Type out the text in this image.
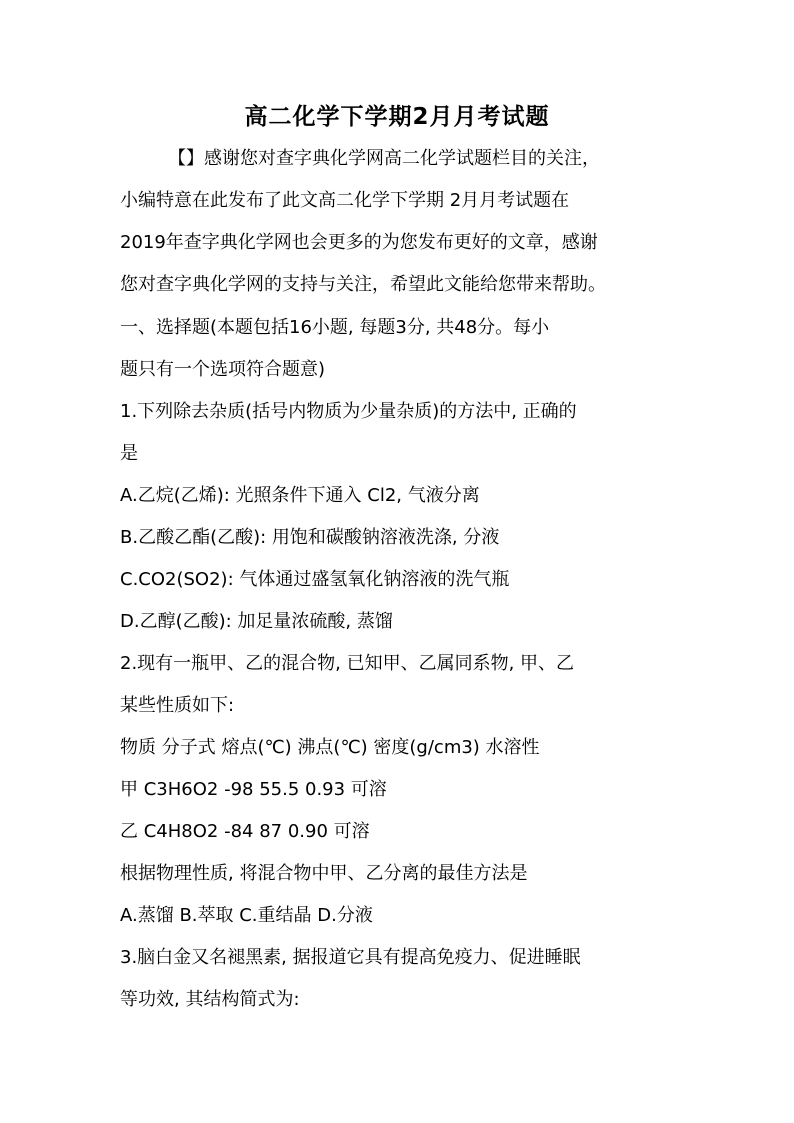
高二化学下学期2月月考试题
【】感谢您对查字典化学网高二化学试题栏目的关注，
小编特意在此发布了此文高二化学下学期 2月月考试题在
2019年查字典化学网也会更多的为您发布更好的文章，感谢
您对查字典化学网的支持与关注，希望此文能给您带来帮助。
一、选择题(本题包括16小题, 每题3分, 共48分。每小
题只有一个选项符合题意)
1.下列除去杂质(括号内物质为少量杂质)的方法中, 正确的
是
A.乙烷(乙烯): 光照条件下通入 Cl2, 气液分离
B.乙酸乙酯(乙酸): 用饱和碳酸钠溶液洗涤, 分液
C.CO2(SO2): 气体通过盛氢氧化钠溶液的洗气瓶
D.乙醇(乙酸): 加足量浓硫酸, 蒸馏
2.现有一瓶甲、乙的混合物, 已知甲、乙属同系物, 甲、乙
某些性质如下:
物质 分子式 熔点(℃) 沸点(℃) 密度(g/cm3) 水溶性
甲 C3H6O2 -98 55.5 0.93 可溶
乙 C4H8O2 -84 87 0.90 可溶
根据物理性质, 将混合物中甲、乙分离的最佳方法是
A.蒸馏 B.萃取 C.重结晶 D.分液
3.脑白金又名褪黑素, 据报道它具有提高免疫力、促进睡眠
等功效, 其结构简式为:
